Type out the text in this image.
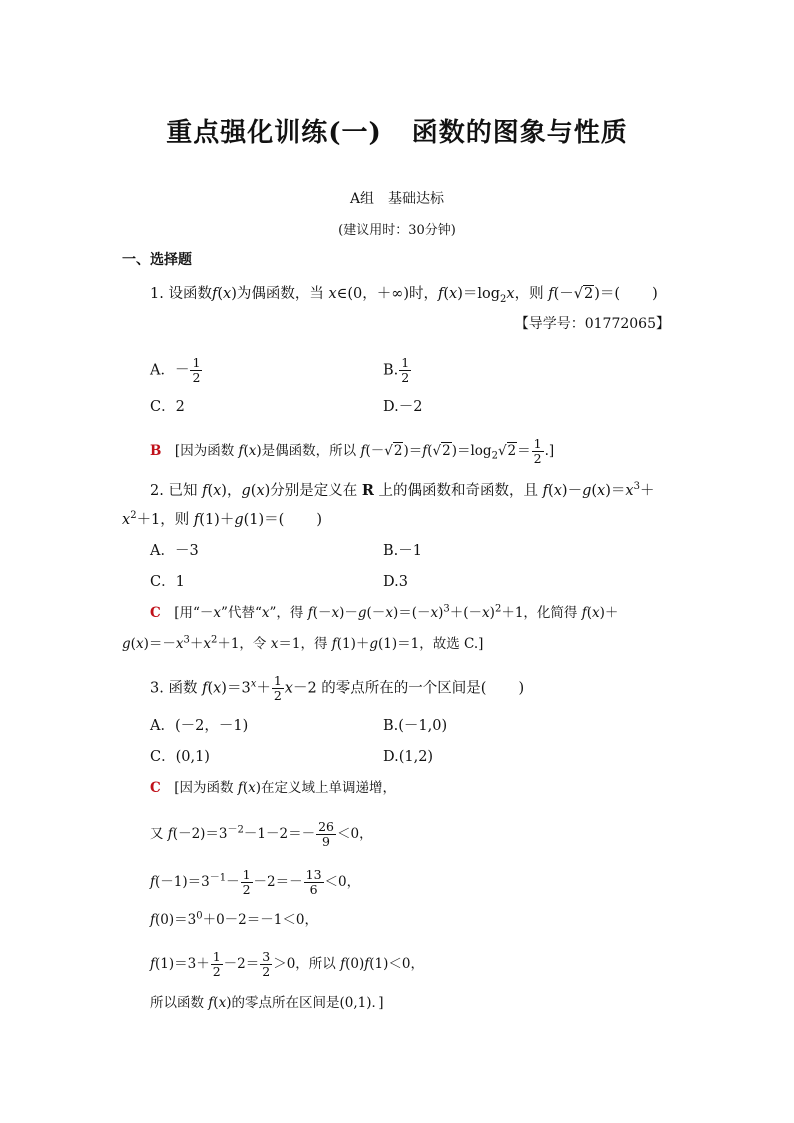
重点强化训练(一) 函数的图象与性质
A组　基础达标
(建议用时：30分钟)
一、选择题
1. 设函数f(x)为偶函数，当 x∈(0，＋∞)时，$f(x)=\log_2x$，则 f(－√2)＝( )
【导学号：01772065】
A．－ $\frac{1}{2}$	B. $\frac{1}{2}$
C．2	D.－2
B　[因为函数 f(x)是偶函数，所以 $f(-√2)=f(√2)=\log_2√2= \frac{1}{2}$ .]
2. 已知 f(x)，g(x)分别是定义在 R 上的偶函数和奇函数，且 $f(x)-g(x)=x^3+$
$x^2+1$，则 f(1)＋g(1)＝( )
A．－3	B.－1
C．1	D.3
C　[用“－x”代替“x”，得 $f(-x)-g(-x)=(-x)^3+(-x)^2+1$，化简得 f(x)＋
$g(x)=-x^3+x^2+1$，令 x＝1，得 f(1)＋g(1)＝1，故选 C.]
3. 函数 $f(x)=3^x+ \frac{1}{2} x-2$ 的零点所在的一个区间是( )
A．(－2，－1)	B.(－1,0)
C．(0,1)	D.(1,2)
C　[因为函数 f(x)在定义域上单调递增，
又 $f(-2)=3^{-2}-1-2=- \frac{26}{9} <0$，
$f(-1)=3^{-1}- \frac{1}{2} -2=- \frac{13}{6} <0$，
$f(0)=3^0+0-2=-1<0$，
$f(1)=3+ \frac{1}{2} -2= \frac{3}{2} >0$，所以 f(0)f(1)＜0，
所以函数 f(x)的零点所在区间是(0,1)．]
